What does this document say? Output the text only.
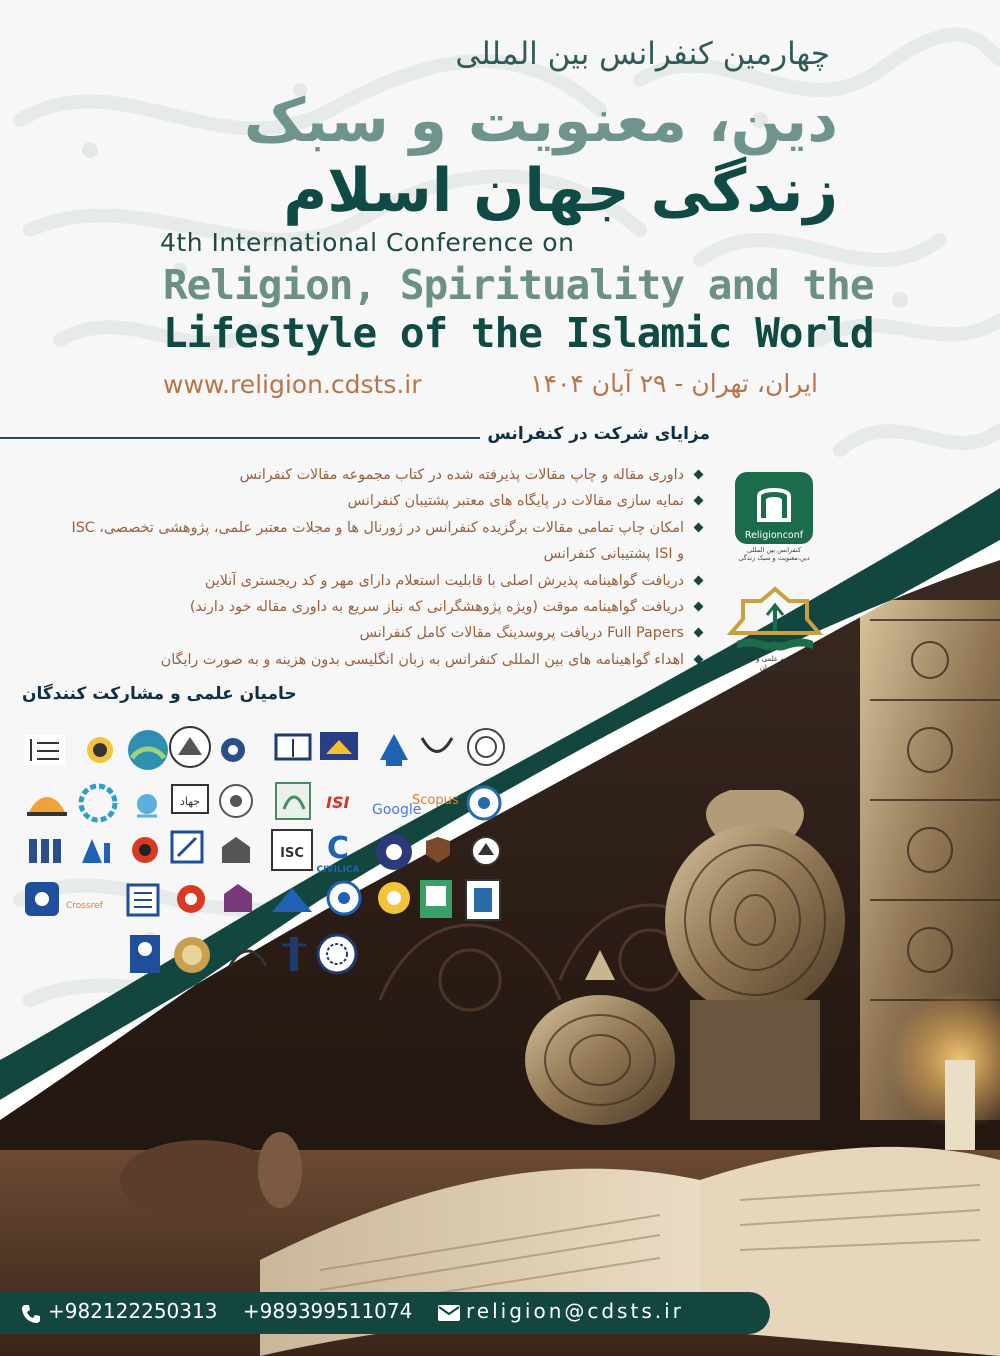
چهارمین کنفرانس بین المللی
دین، معنویت و سبک
زندگی جهان اسلام
4th International Conference on
Religion, Spirituality and the
Lifestyle of the Islamic World
www.religion.cdsts.ir	ایران، تهران - ۲۹ آبان ۱۴۰۴
مزایای شرکت در کنفرانس
داوری مقاله و چاپ مقالات پذیرفته شده در کتاب مجموعه مقالات کنفرانس
نمایه سازی مقالات در پایگاه های معتبر پشتیبان کنفرانس
امکان چاپ تمامی مقالات برگزیده کنفرانس در ژورنال ها و مجلات معتبر علمی، پژوهشی تخصصی، ISC و ISI پشتیبانی کنفرانس
دریافت گواهینامه پذیرش اصلی با قابلیت استعلام دارای مهر و کد ریجستری آنلاین
دریافت گواهینامه موقت (ویژه پژوهشگرانی که نیاز سریع به داوری مقاله خود دارند)
Full Papers دریافت پروسدینگ مقالات کامل کنفرانس
اهداء گواهینامه های بین المللی کنفرانس به زبان انگلیسی بدون هزینه و به صورت رایگان
Religionconf
کنفرانس بین المللی دین،معنویت و سبک زندگی
مرکز توسعه علمی و فناوری دانشجویان
حامیان علمی و مشارکت کنندگان
جهاد	ISI Google
Scopus
ISC C
CIVILICA
Crossref
+982122250313 +989399511074	religion@cdsts.ir
